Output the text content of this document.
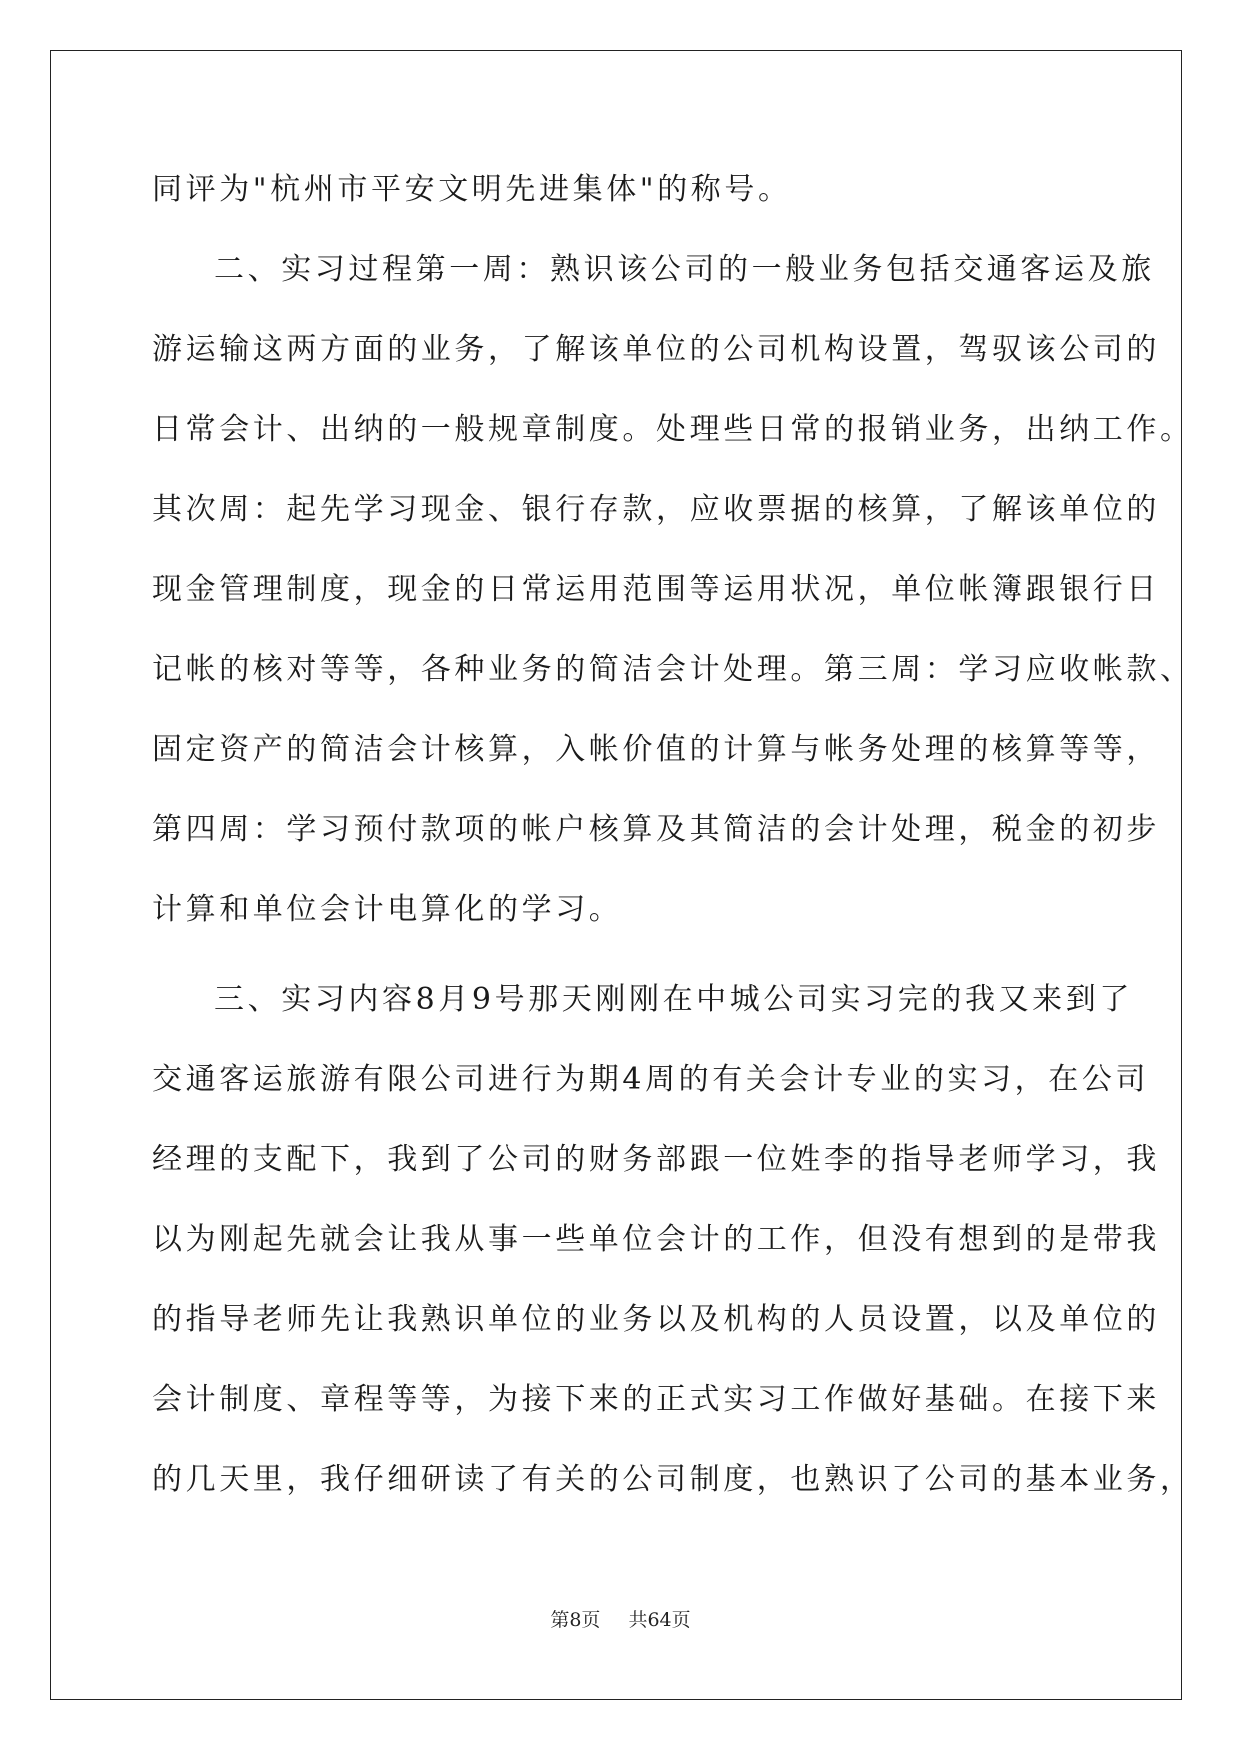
同评为"杭州市平安文明先进集体"的称号。
二、实习过程第一周：熟识该公司的一般业务包括交通客运及旅
游运输这两方面的业务，了解该单位的公司机构设置，驾驭该公司的
日常会计、出纳的一般规章制度。处理些日常的报销业务，出纳工作。
其次周：起先学习现金、银行存款，应收票据的核算，了解该单位的
现金管理制度，现金的日常运用范围等运用状况，单位帐簿跟银行日
记帐的核对等等，各种业务的简洁会计处理。第三周：学习应收帐款、
固定资产的简洁会计核算，入帐价值的计算与帐务处理的核算等等，
第四周：学习预付款项的帐户核算及其简洁的会计处理，税金的初步
计算和单位会计电算化的学习。
三、实习内容8月9号那天刚刚在中城公司实习完的我又来到了
交通客运旅游有限公司进行为期4周的有关会计专业的实习，在公司
经理的支配下，我到了公司的财务部跟一位姓李的指导老师学习，我
以为刚起先就会让我从事一些单位会计的工作，但没有想到的是带我
的指导老师先让我熟识单位的业务以及机构的人员设置，以及单位的
会计制度、章程等等，为接下来的正式实习工作做好基础。在接下来
的几天里，我仔细研读了有关的公司制度，也熟识了公司的基本业务，
第8页 共64页
